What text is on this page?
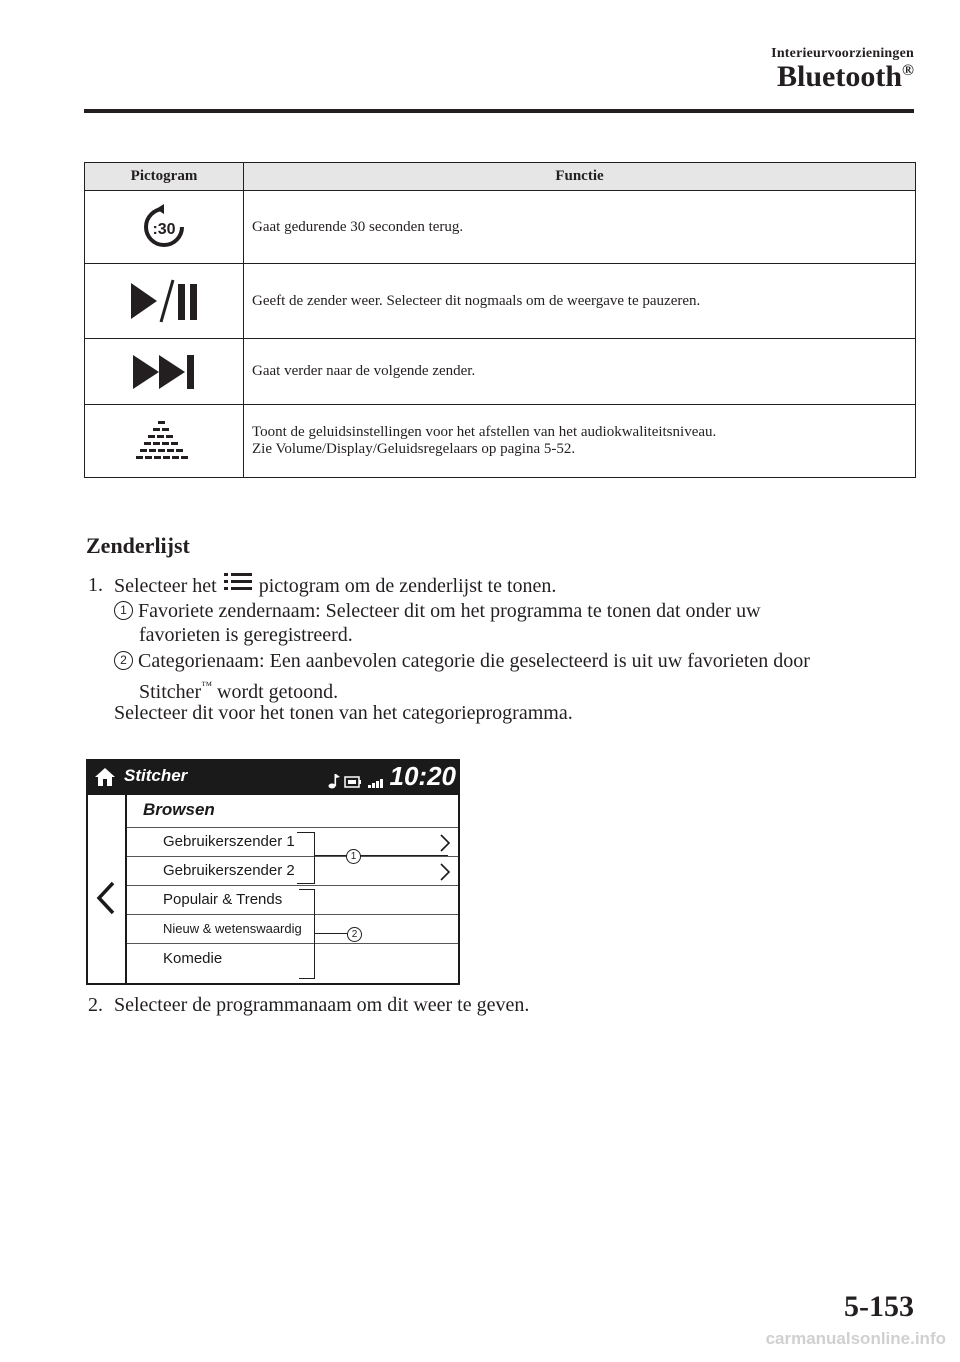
Interieurvoorzieningen
Bluetooth®
Pictogram	Functie

:30	Gaat gedurende 30 seconden terug.

	Geeft de zender weer. Selecteer dit nogmaals om de weergave te pauzeren.

	Gaat verder naar de volgende zender.

Toont de geluidsinstellingen voor het afstellen van het audiokwaliteitsniveau.
Zie Volume/Display/Geluidsregelaars op pagina 5-52.
Zenderlijst
1. Selecteer het pictogram om de zenderlijst te tonen.
1 Favoriete zendernaam: Selecteer dit om het programma te tonen dat onder uw
favorieten is geregistreerd.
2 Categorienaam: Een aanbevolen categorie die geselecteerd is uit uw favorieten door
Stitcher™ wordt getoond.
Selecteer dit voor het tonen van het categorieprogramma.
Stitcher	10:20
Browsen
Gebruikerszender 1
Gebruikerszender 2
Populair & Trends
Nieuw & wetenswaardig
Komedie
1
2
2. Selecteer de programmanaam om dit weer te geven.
5-153
carmanualsonline.info
